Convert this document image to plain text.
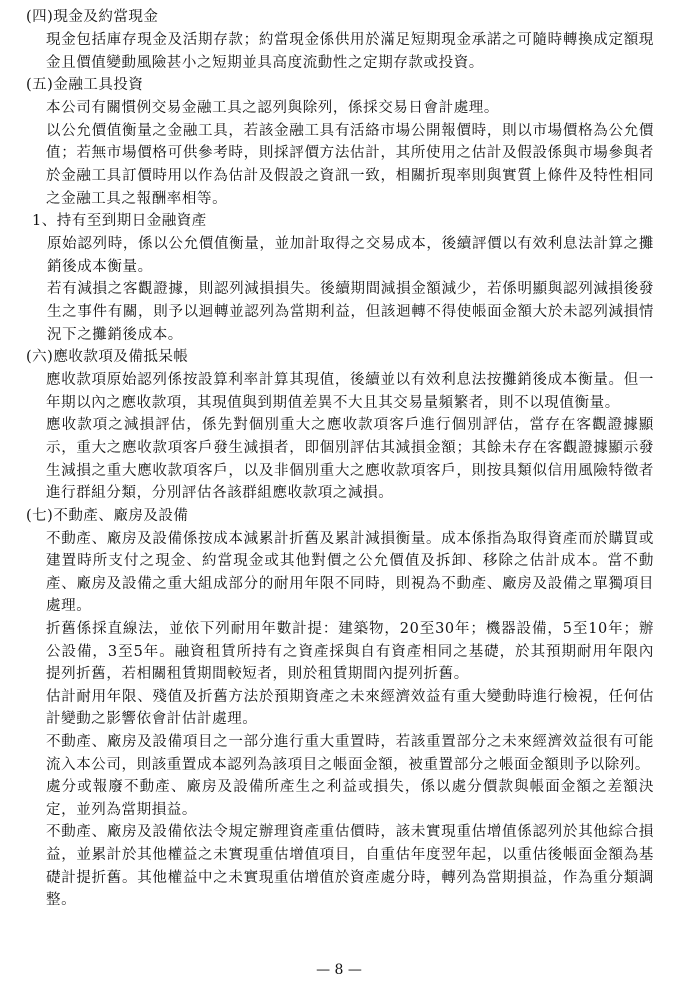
(四)現金及約當現金

現金包括庫存現金及活期存款；約當現金係供用於滿足短期現金承諾之可隨時轉換成定額現金且價值變動風險甚小之短期並具高度流動性之定期存款或投資。

(五)金融工具投資

本公司有關慣例交易金融工具之認列與除列，係採交易日會計處理。

以公允價值衡量之金融工具，若該金融工具有活絡市場公開報價時，則以市場價格為公允價值；若無市場價格可供參考時，則採評價方法估計，其所使用之估計及假設係與市場參與者於金融工具訂價時用以作為估計及假設之資訊一致，相關折現率則與實質上條件及特性相同之金融工具之報酬率相等。

1、持有至到期日金融資產

原始認列時，係以公允價值衡量，並加計取得之交易成本，後續評價以有效利息法計算之攤銷後成本衡量。

若有減損之客觀證據，則認列減損損失。後續期間減損金額減少，若係明顯與認列減損後發生之事件有關，則予以迴轉並認列為當期利益，但該迴轉不得使帳面金額大於未認列減損情況下之攤銷後成本。

(六)應收款項及備抵呆帳

應收款項原始認列係按設算利率計算其現值，後續並以有效利息法按攤銷後成本衡量。但一年期以內之應收款項，其現值與到期值差異不大且其交易量頻繁者，則不以現值衡量。

應收款項之減損評估，係先對個別重大之應收款項客戶進行個別評估，當存在客觀證據顯示，重大之應收款項客戶發生減損者，即個別評估其減損金額；其餘未存在客觀證據顯示發生減損之重大應收款項客戶，以及非個別重大之應收款項客戶，則按具類似信用風險特徵者進行群組分類，分別評估各該群組應收款項之減損。

(七)不動產、廠房及設備

不動產、廠房及設備係按成本減累計折舊及累計減損衡量。成本係指為取得資產而於購買或建置時所支付之現金、約當現金或其他對價之公允價值及拆卸、移除之估計成本。當不動產、廠房及設備之重大組成部分的耐用年限不同時，則視為不動產、廠房及設備之單獨項目處理。

折舊係採直線法，並依下列耐用年數計提：建築物，20至30年；機器設備，5至10年；辦公設備，3至5年。融資租賃所持有之資產採與自有資產相同之基礎，於其預期耐用年限內提列折舊，若相關租賃期間較短者，則於租賃期間內提列折舊。

估計耐用年限、殘值及折舊方法於預期資產之未來經濟效益有重大變動時進行檢視，任何估計變動之影響依會計估計處理。

不動產、廠房及設備項目之一部分進行重大重置時，若該重置部分之未來經濟效益很有可能流入本公司，則該重置成本認列為該項目之帳面金額，被重置部分之帳面金額則予以除列。

處分或報廢不動產、廠房及設備所產生之利益或損失，係以處分價款與帳面金額之差額決定，並列為當期損益。

不動產、廠房及設備依法令規定辦理資產重估價時，該未實現重估增值係認列於其他綜合損益，並累計於其他權益之未實現重估增值項目，自重估年度翌年起，以重估後帳面金額為基礎計提折舊。其他權益中之未實現重估增值於資產處分時，轉列為當期損益，作為重分類調整。

— 8 —
